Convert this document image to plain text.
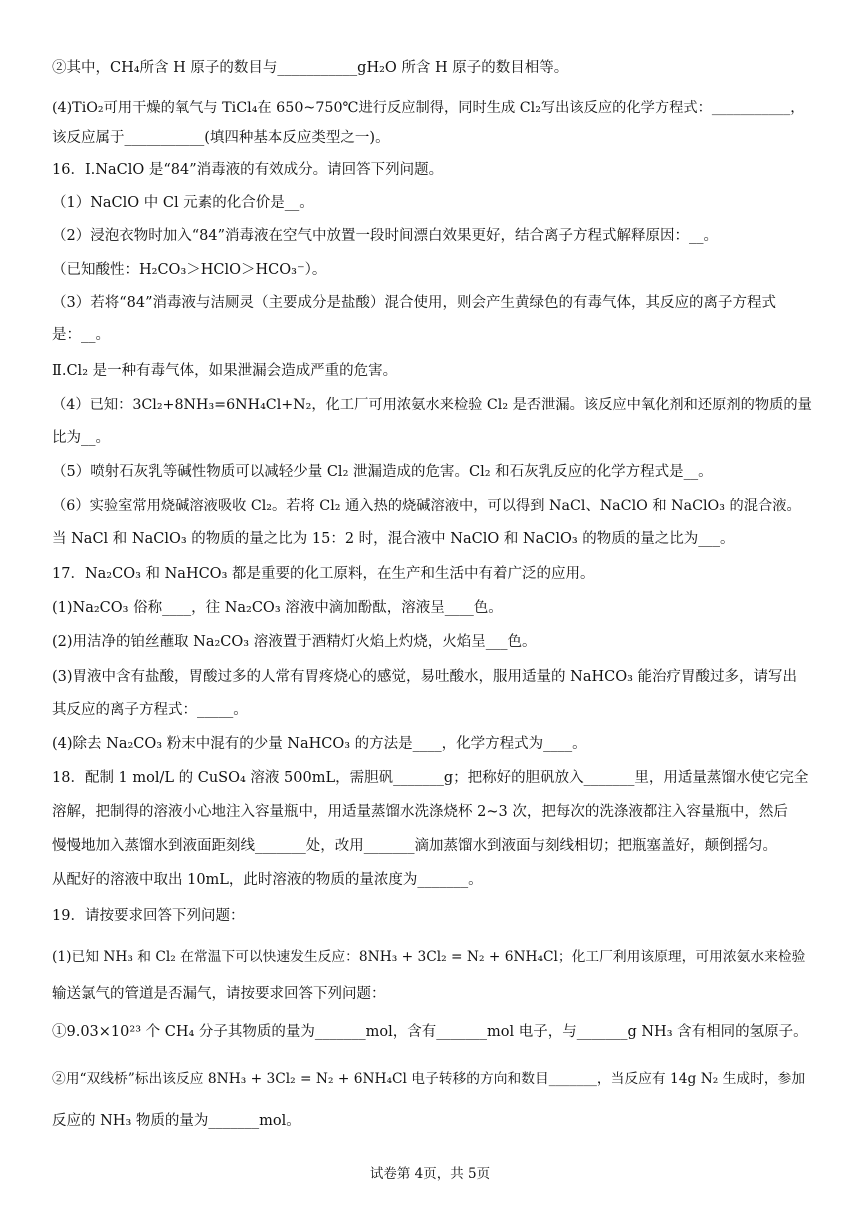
②其中，CH₄所含 H 原子的数目与___________gH₂O 所含 H 原子的数目相等。
(4)TiO₂可用干燥的氧气与 TiCl₄在 650~750℃进行反应制得，同时生成 Cl₂写出该反应的化学方程式：___________，
该反应属于___________(填四种基本反应类型之一)。
16．Ⅰ.NaClO 是“84”消毒液的有效成分。请回答下列问题。
（1）NaClO 中 Cl 元素的化合价是__。
（2）浸泡衣物时加入“84”消毒液在空气中放置一段时间漂白效果更好，结合离子方程式解释原因：__。
（已知酸性：H₂CO₃＞HClO＞HCO₃⁻）。
（3）若将“84”消毒液与洁厕灵（主要成分是盐酸）混合使用，则会产生黄绿色的有毒气体，其反应的离子方程式
是：__。
Ⅱ.Cl₂ 是一种有毒气体，如果泄漏会造成严重的危害。
（4）已知：3Cl₂+8NH₃=6NH₄Cl+N₂，化工厂可用浓氨水来检验 Cl₂ 是否泄漏。该反应中氧化剂和还原剂的物质的量
比为__。
（5）喷射石灰乳等碱性物质可以减轻少量 Cl₂ 泄漏造成的危害。Cl₂ 和石灰乳反应的化学方程式是__。
（6）实验室常用烧碱溶液吸收 Cl₂。若将 Cl₂ 通入热的烧碱溶液中，可以得到 NaCl、NaClO 和 NaClO₃ 的混合液。
当 NaCl 和 NaClO₃ 的物质的量之比为 15：2 时，混合液中 NaClO 和 NaClO₃ 的物质的量之比为___。
17．Na₂CO₃ 和 NaHCO₃ 都是重要的化工原料，在生产和生活中有着广泛的应用。
(1)Na₂CO₃ 俗称____，往 Na₂CO₃ 溶液中滴加酚酞，溶液呈____色。
(2)用洁净的铂丝蘸取 Na₂CO₃ 溶液置于酒精灯火焰上灼烧，火焰呈___色。
(3)胃液中含有盐酸，胃酸过多的人常有胃疼烧心的感觉，易吐酸水，服用适量的 NaHCO₃ 能治疗胃酸过多，请写出
其反应的离子方程式：_____。
(4)除去 Na₂CO₃ 粉末中混有的少量 NaHCO₃ 的方法是____，化学方程式为____。
18．配制 1 mol/L 的 CuSO₄ 溶液 500mL，需胆矾_______g；把称好的胆矾放入_______里，用适量蒸馏水使它完全
溶解，把制得的溶液小心地注入容量瓶中，用适量蒸馏水洗涤烧杯 2~3 次，把每次的洗涤液都注入容量瓶中，然后
慢慢地加入蒸馏水到液面距刻线_______处，改用_______滴加蒸馏水到液面与刻线相切；把瓶塞盖好，颠倒摇匀。
从配好的溶液中取出 10mL，此时溶液的物质的量浓度为_______。
19．请按要求回答下列问题：
(1)已知 NH₃ 和 Cl₂ 在常温下可以快速发生反应：8NH₃ + 3Cl₂ = N₂ + 6NH₄Cl；化工厂利用该原理，可用浓氨水来检验
输送氯气的管道是否漏气，请按要求回答下列问题：
①9.03×10²³ 个 CH₄ 分子其物质的量为_______mol，含有_______mol 电子，与_______g NH₃ 含有相同的氢原子。
②用“双线桥”标出该反应 8NH₃ + 3Cl₂ = N₂ + 6NH₄Cl 电子转移的方向和数目_______，当反应有 14g N₂ 生成时，参加
反应的 NH₃ 物质的量为_______mol。
试卷第 4页，共 5页
